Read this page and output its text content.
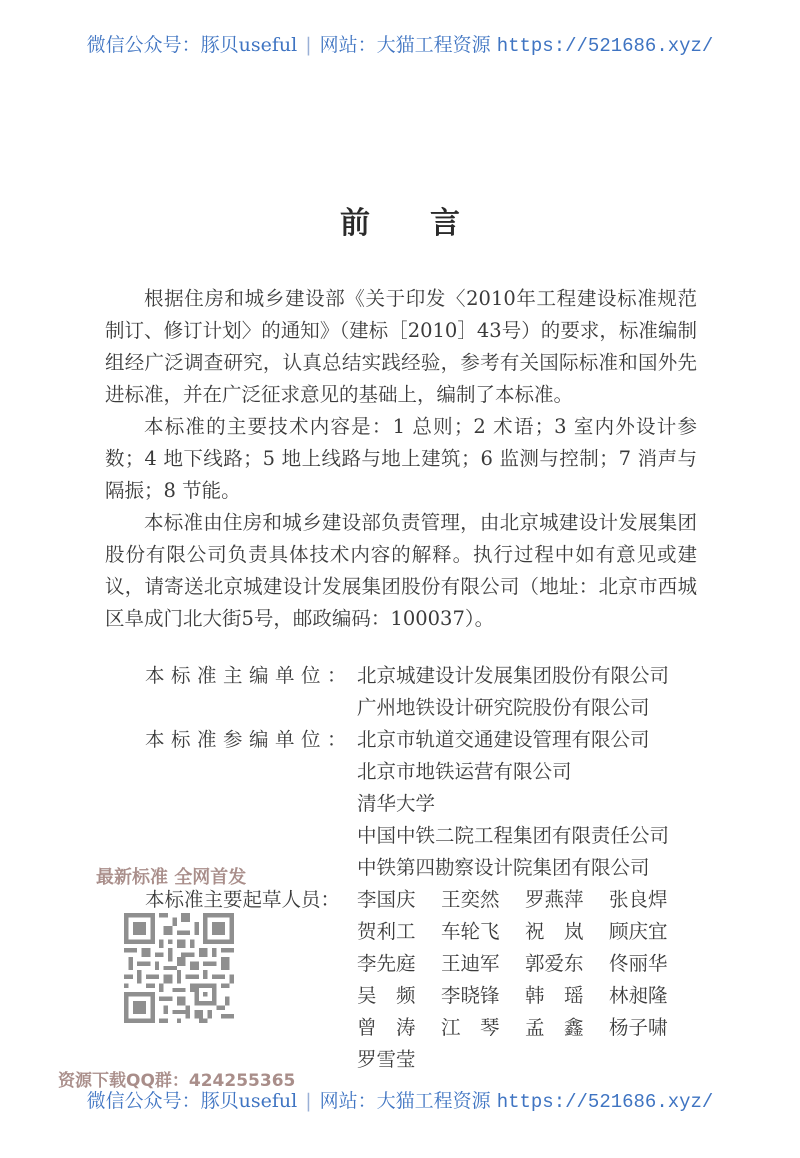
微信公众号：豚贝useful | 网站：大猫工程资源 https://521686.xyz/
前言

根据住房和城乡建设部《关于印发〈2010年工程建设标准规范制订、修订计划〉的通知》（建标［2010］43号）的要求，标准编制组经广泛调查研究，认真总结实践经验，参考有关国际标准和国外先进标准，并在广泛征求意见的基础上，编制了本标准。

本标准的主要技术内容是：1 总则；2 术语；3 室内外设计参数；4 地下线路；5 地上线路与地上建筑；6 监测与控制；7 消声与隔振；8 节能。

本标准由住房和城乡建设部负责管理，由北京城建设计发展集团股份有限公司负责具体技术内容的解释。执行过程中如有意见或建议，请寄送北京城建设计发展集团股份有限公司（地址：北京市西城区阜成门北大街5号，邮政编码：100037）。

本标准主编单位： 北京城建设计发展集团股份有限公司
广州地铁设计研究院股份有限公司
本标准参编单位： 北京市轨道交通建设管理有限公司
北京市地铁运营有限公司
清华大学
中国中铁二院工程集团有限责任公司
中铁第四勘察设计院集团有限公司
本标准主要起草人员： 李国庆	王奕然	罗燕萍	张良焊
贺利工	车轮飞	祝　岚	顾庆宜
李先庭	王迪军	郭爱东	佟丽华
吴　频	李晓锋	韩　瑶	林昶隆
曾　涛	江　琴	孟　鑫	杨子啸
罗雪莹
最新标准 全网首发
资源下载QQ群：424255365
微信公众号：豚贝useful | 网站：大猫工程资源 https://521686.xyz/
